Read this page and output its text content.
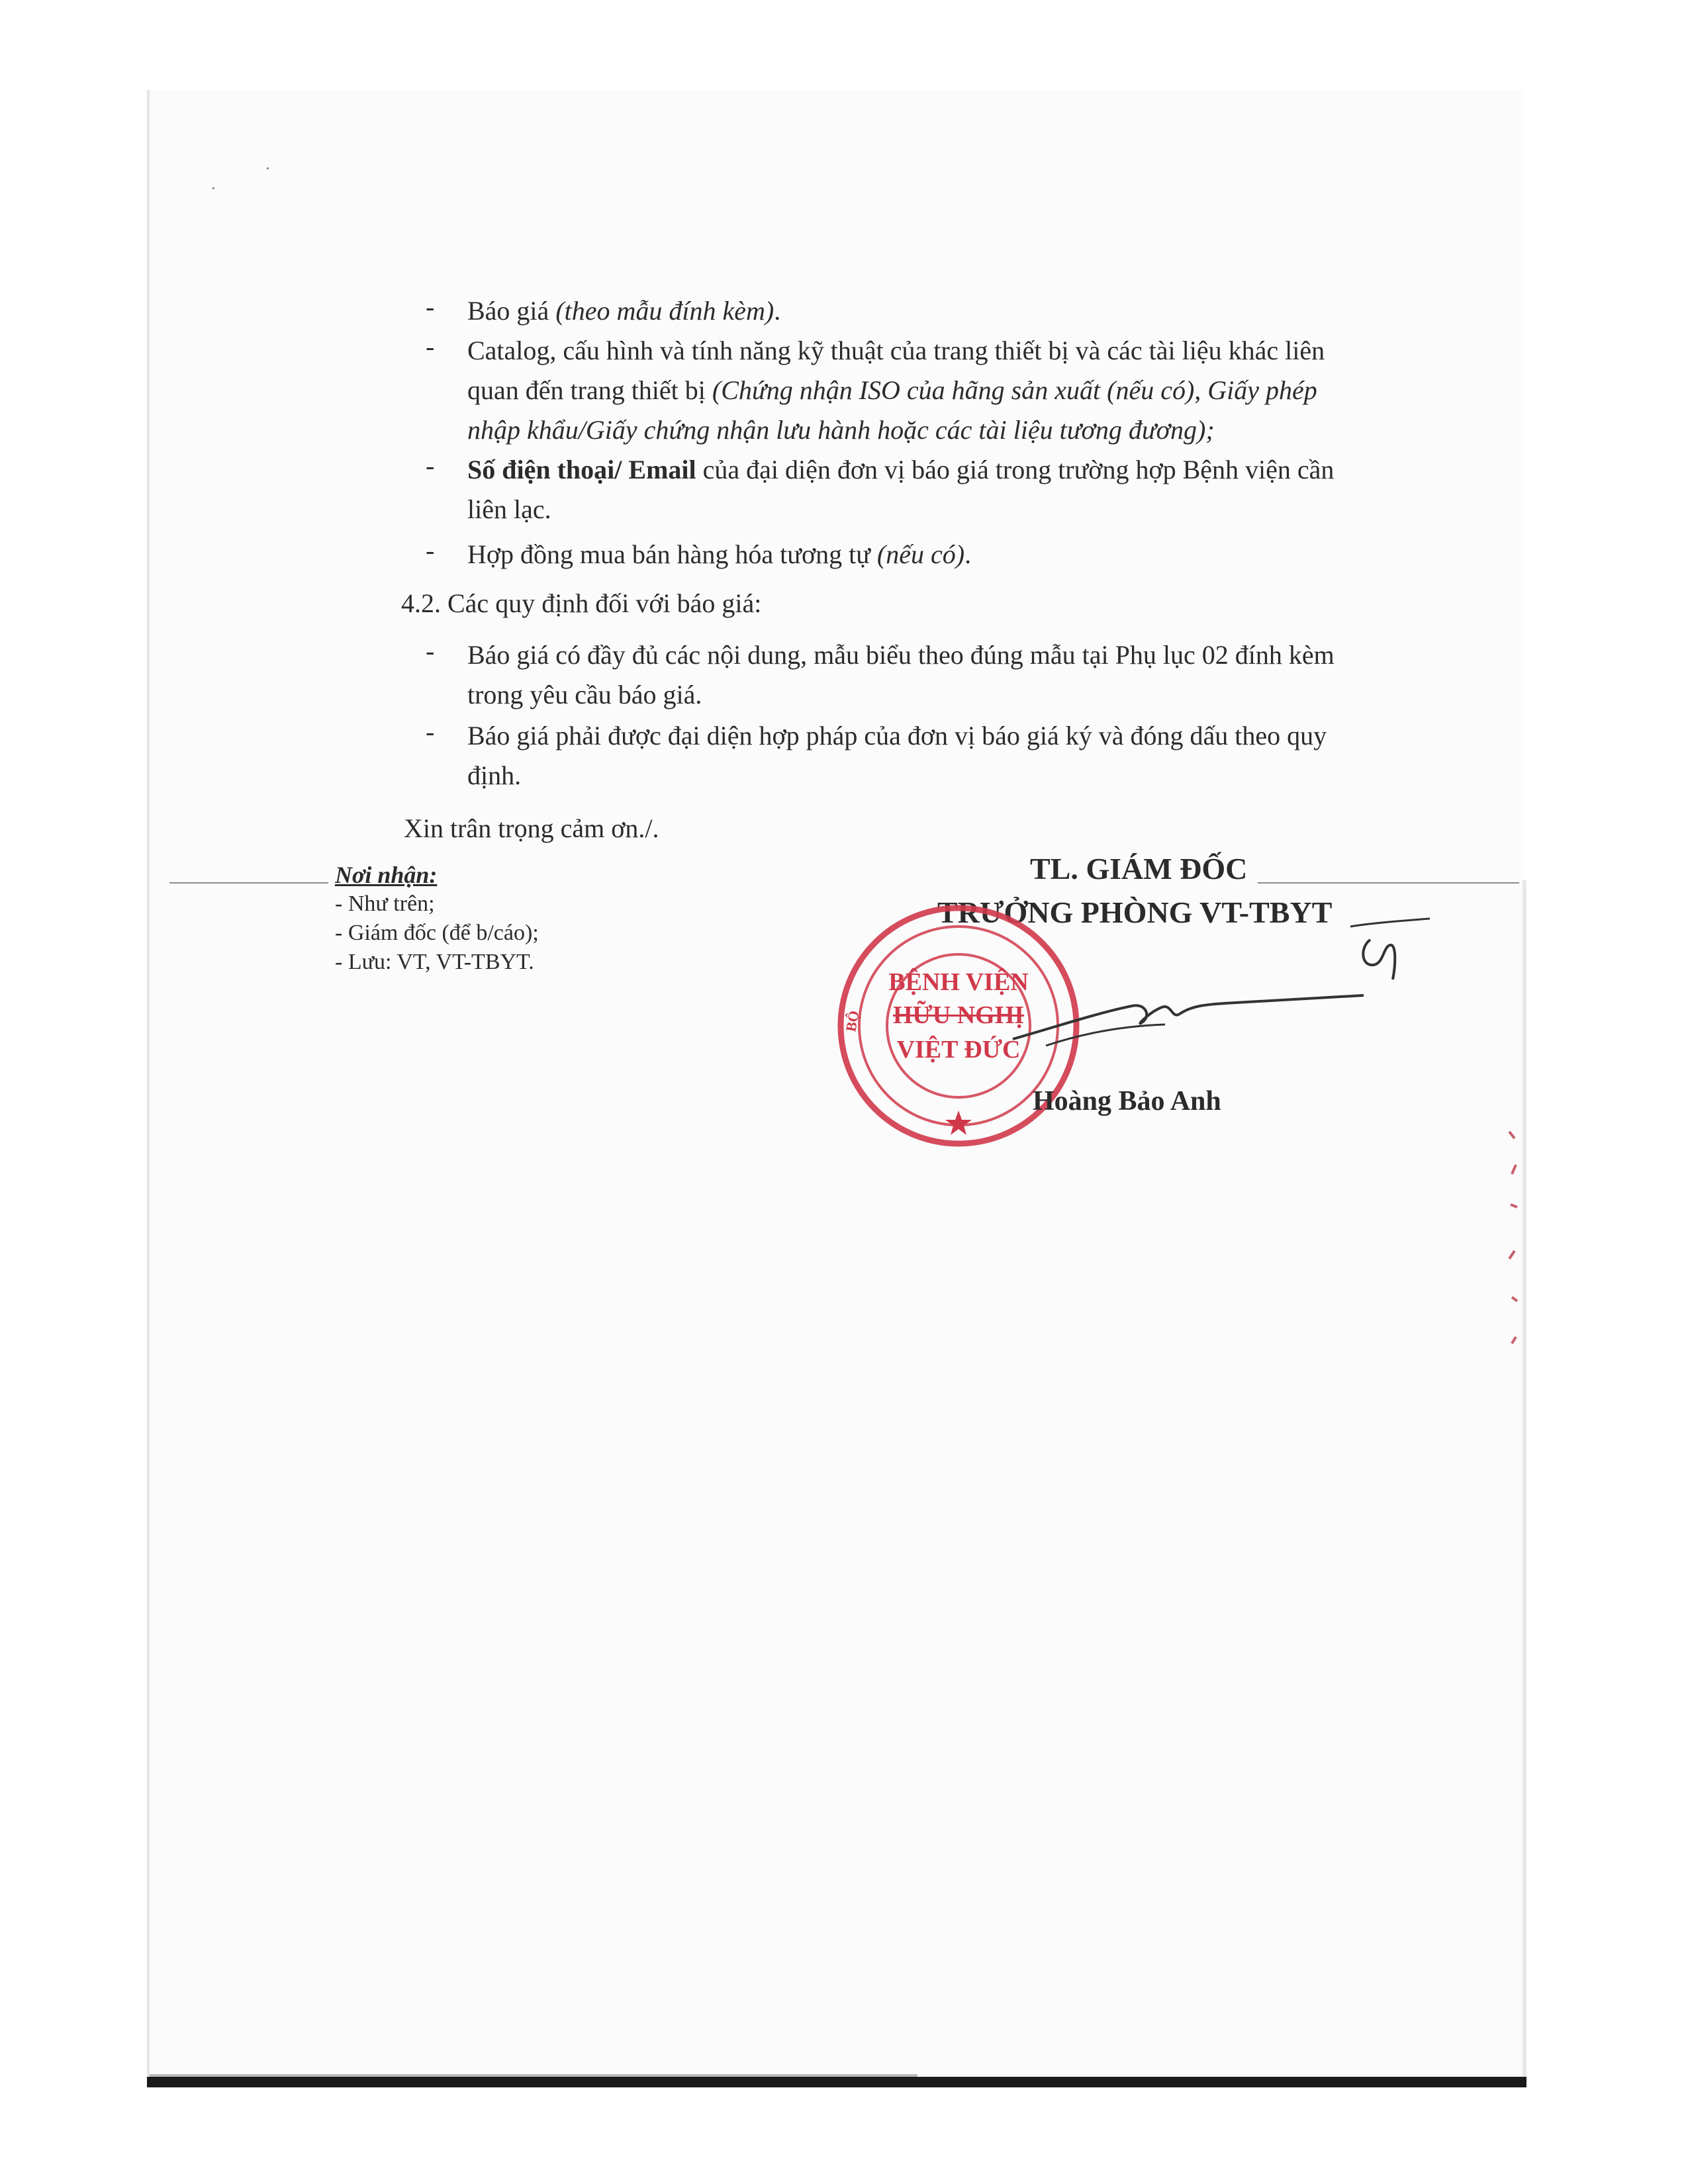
·
·
- Báo giá (theo mẫu đính kèm).
- Catalog, cấu hình và tính năng kỹ thuật của trang thiết bị và các tài liệu khác liên
quan đến trang thiết bị (Chứng nhận ISO của hãng sản xuất (nếu có), Giấy phép
nhập khẩu/Giấy chứng nhận lưu hành hoặc các tài liệu tương đương);
- Số điện thoại/ Email của đại diện đơn vị báo giá trong trường hợp Bệnh viện cần
liên lạc.
- Hợp đồng mua bán hàng hóa tương tự (nếu có).
4.2. Các quy định đối với báo giá:
- Báo giá có đầy đủ các nội dung, mẫu biểu theo đúng mẫu tại Phụ lục 02 đính kèm
trong yêu cầu báo giá.
- Báo giá phải được đại diện hợp pháp của đơn vị báo giá ký và đóng dấu theo quy
định.
Xin trân trọng cảm ơn./.
Nơi nhận:
- Như trên;
- Giám đốc (để b/cáo);
- Lưu: VT, VT-TBYT.
TL. GIÁM ĐỐC
TRƯỞNG PHÒNG VT-TBYT
BỆNH VIỆN
HỮU NGHỊ
VIỆT ĐỨC
BỘ
Hoàng Bảo Anh
